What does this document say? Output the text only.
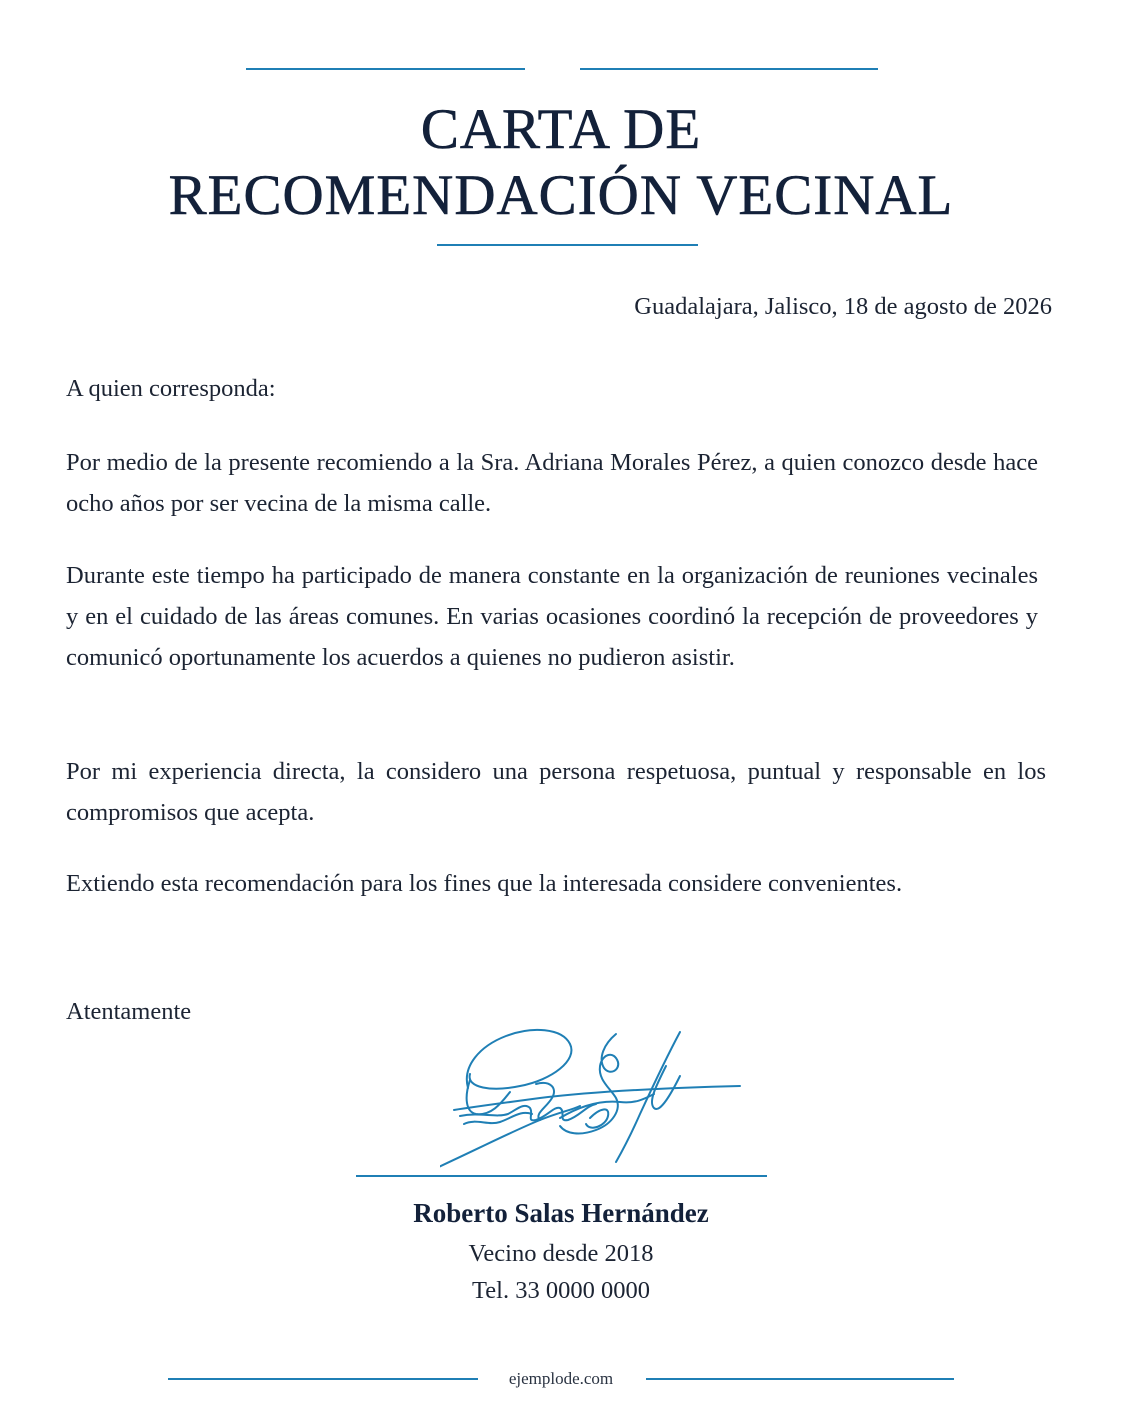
CARTA DE
RECOMENDACIÓN VECINAL
Guadalajara, Jalisco, 18 de agosto de 2026

A quien corresponda:

Por medio de la presente recomiendo a la Sra. Adriana Morales Pérez, a quien conozco desde hace ocho años por ser vecina de la misma calle.

Durante este tiempo ha participado de manera constante en la organización de reuniones vecinales y en el cuidado de las áreas comunes. En varias ocasiones coordinó la recepción de proveedores y comunicó oportunamente los acuerdos a quienes no pudieron asistir.

Por mi experiencia directa, la considero una persona respetuosa, puntual y responsable en los compromisos que acepta.

Extiendo esta recomendación para los fines que la interesada considere convenientes.

Atentamente

Roberto Salas Hernández
Vecino desde 2018
Tel. 33 0000 0000
ejemplode.com
